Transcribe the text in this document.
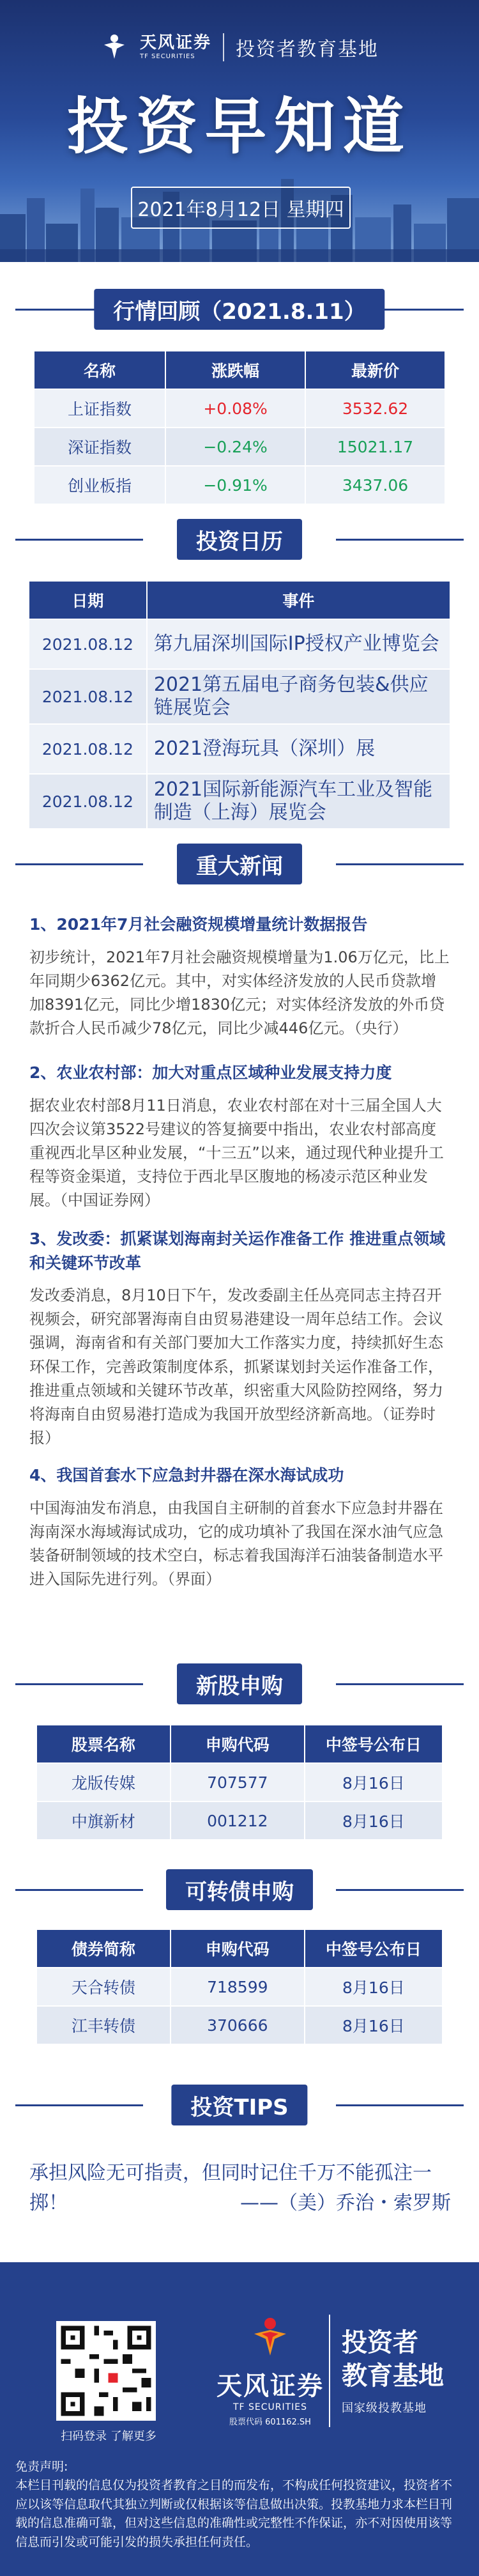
天风证券
TF SECURITIES	投资者教育基地
投资早知道
2021年8月12日 星期四
行情回顾（2021.8.11）
名称	涨跌幅	最新价
上证指数	+0.08%	3532.62
深证指数	−0.24%	15021.17
创业板指	−0.91%	3437.06
投资日历
日期	事件
2021.08.12	第九届深圳国际IP授权产业博览会
2021.08.12	2021第五届电子商务包装&供应链展览会
2021.08.12	2021澄海玩具（深圳）展
2021.08.12	2021国际新能源汽车工业及智能制造（上海）展览会
重大新闻

1、2021年7月社会融资规模增量统计数据报告

初步统计，2021年7月社会融资规模增量为1.06万亿元，比上年同期少6362亿元。其中，对实体经济发放的人民币贷款增加8391亿元，同比少增1830亿元；对实体经济发放的外币贷款折合人民币减少78亿元，同比少减446亿元。（央行）

2、农业农村部：加大对重点区域种业发展支持力度

据农业农村部8月11日消息，农业农村部在对十三届全国人大四次会议第3522号建议的答复摘要中指出，农业农村部高度重视西北旱区种业发展，“十三五”以来，通过现代种业提升工程等资金渠道，支持位于西北旱区腹地的杨凌示范区种业发展。（中国证券网）

3、发改委：抓紧谋划海南封关运作准备工作 推进重点领域和关键环节改革

发改委消息，8月10日下午，发改委副主任丛亮同志主持召开视频会，研究部署海南自由贸易港建设一周年总结工作。会议强调，海南省和有关部门要加大工作落实力度，持续抓好生态环保工作，完善政策制度体系，抓紧谋划封关运作准备工作，推进重点领域和关键环节改革，织密重大风险防控网络，努力将海南自由贸易港打造成为我国开放型经济新高地。（证券时报）

4、我国首套水下应急封井器在深水海试成功

中国海油发布消息，由我国自主研制的首套水下应急封井器在海南深水海域海试成功，它的成功填补了我国在深水油气应急装备研制领域的技术空白，标志着我国海洋石油装备制造水平进入国际先进行列。（界面）

新股申购
股票名称	申购代码	中签号公布日
龙版传媒	707577	8月16日
中旗新材	001212	8月16日
可转债申购
债券简称	申购代码	中签号公布日
天合转债	718599	8月16日
江丰转债	370666	8月16日
投资TIPS
承担风险无可指责，但同时记住千万不能孤注一掷！	——（美）乔治・索罗斯
扫码登录 了解更多
天风证券
TF SECURITIES
股票代码 601162.SH
投资者
教育基地
国家级投教基地
免责声明:
本栏目刊载的信息仅为投资者教育之目的而发布，不构成任何投资建议，投资者不应以该等信息取代其独立判断或仅根据该等信息做出决策。投教基地力求本栏目刊载的信息准确可靠，但对这些信息的准确性或完整性不作保证，亦不对因使用该等信息而引发或可能引发的损失承担任何责任。
